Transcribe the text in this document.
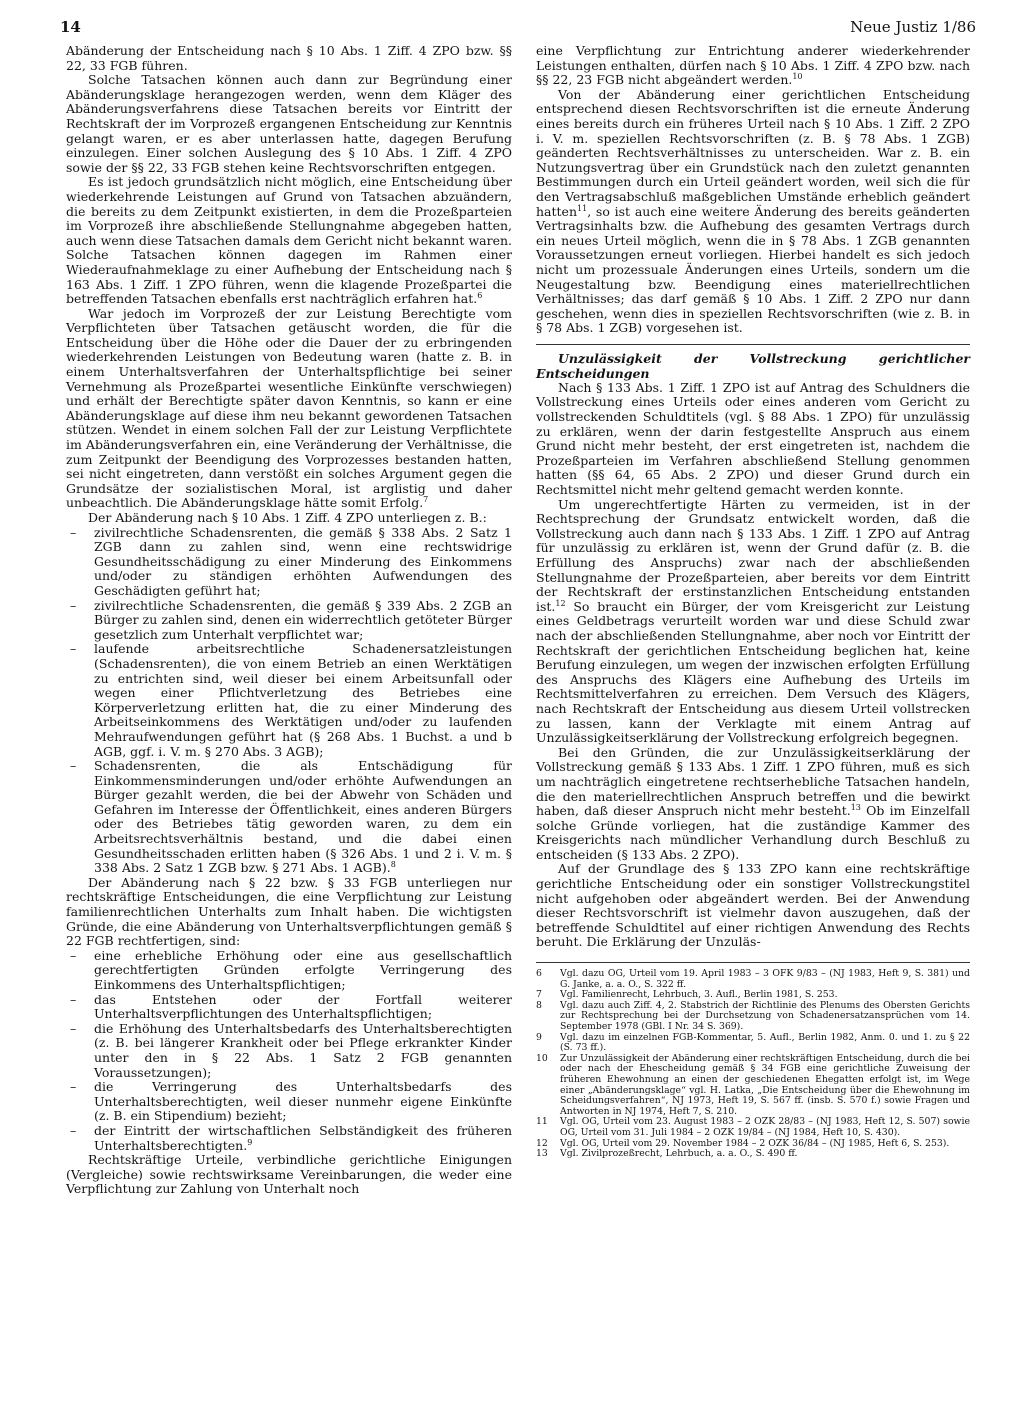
14	Neue Justiz 1/86

Abänderung der Entscheidung nach § 10 Abs. 1 Ziff. 4 ZPO bzw. §§ 22, 33 FGB führen.

Solche Tatsachen können auch dann zur Begründung einer Abänderungsklage herangezogen werden, wenn dem Kläger des Abänderungsverfahrens diese Tatsachen bereits vor Eintritt der Rechtskraft der im Vorprozeß ergangenen Entscheidung zur Kenntnis gelangt waren, er es aber unterlassen hatte, dagegen Berufung einzulegen. Einer solchen Auslegung des § 10 Abs. 1 Ziff. 4 ZPO sowie der §§ 22, 33 FGB stehen keine Rechtsvorschriften entgegen.

Es ist jedoch grundsätzlich nicht möglich, eine Entscheidung über wiederkehrende Leistungen auf Grund von Tatsachen abzuändern, die bereits zu dem Zeitpunkt existierten, in dem die Prozeßparteien im Vorprozeß ihre abschließende Stellungnahme abgegeben hatten, auch wenn diese Tatsachen damals dem Gericht nicht bekannt waren. Solche Tatsachen können dagegen im Rahmen einer Wiederaufnahmeklage zu einer Aufhebung der Entscheidung nach § 163 Abs. 1 Ziff. 1 ZPO führen, wenn die klagende Prozeßpartei die betreffenden Tatsachen ebenfalls erst nachträglich erfahren hat.$^6$

War jedoch im Vorprozeß der zur Leistung Berechtigte vom Verpflichteten über Tatsachen getäuscht worden, die für die Entscheidung über die Höhe oder die Dauer der zu erbringenden wiederkehrenden Leistungen von Bedeutung waren (hatte z. B. in einem Unterhaltsverfahren der Unterhaltspflichtige bei seiner Vernehmung als Prozeßpartei wesentliche Einkünfte verschwiegen) und erhält der Berechtigte später davon Kenntnis, so kann er eine Abänderungsklage auf diese ihm neu bekannt gewordenen Tatsachen stützen. Wendet in einem solchen Fall der zur Leistung Verpflichtete im Abänderungsverfahren ein, eine Veränderung der Verhältnisse, die zum Zeitpunkt der Beendigung des Vorprozesses bestanden hatten, sei nicht eingetreten, dann verstößt ein solches Argument gegen die Grundsätze der sozialistischen Moral, ist arglistig und daher unbeachtlich. Die Abänderungsklage hätte somit Erfolg.$^7$

Der Abänderung nach § 10 Abs. 1 Ziff. 4 ZPO unterliegen z. B.:

– zivilrechtliche Schadensrenten, die gemäß § 338 Abs. 2 Satz 1 ZGB dann zu zahlen sind, wenn eine rechtswidrige Gesundheitsschädigung zu einer Minderung des Einkommens und/oder zu ständigen erhöhten Aufwendungen des Geschädigten geführt hat;
– zivilrechtliche Schadensrenten, die gemäß § 339 Abs. 2 ZGB an Bürger zu zahlen sind, denen ein widerrechtlich getöteter Bürger gesetzlich zum Unterhalt verpflichtet war;
– laufende arbeitsrechtliche Schadenersatzleistungen (Schadensrenten), die von einem Betrieb an einen Werktätigen zu entrichten sind, weil dieser bei einem Arbeitsunfall oder wegen einer Pflichtverletzung des Betriebes eine Körperverletzung erlitten hat, die zu einer Minderung des Arbeitseinkommens des Werktätigen und/oder zu laufenden Mehraufwendungen geführt hat (§ 268 Abs. 1 Buchst. a und b AGB, ggf. i. V. m. § 270 Abs. 3 AGB);
– Schadensrenten, die als Entschädigung für Einkommensminderungen und/oder erhöhte Aufwendungen an Bürger gezahlt werden, die bei der Abwehr von Schäden und Gefahren im Interesse der Öffentlichkeit, eines anderen Bürgers oder des Betriebes tätig geworden waren, zu dem ein Arbeitsrechtsverhältnis bestand, und die dabei einen Gesundheitsschaden erlitten haben (§ 326 Abs. 1 und 2 i. V. m. § 338 Abs. 2 Satz 1 ZGB bzw. § 271 Abs. 1 AGB).$^8$

Der Abänderung nach § 22 bzw. § 33 FGB unterliegen nur rechtskräftige Entscheidungen, die eine Verpflichtung zur Leistung familienrechtlichen Unterhalts zum Inhalt haben. Die wichtigsten Gründe, die eine Abänderung von Unterhaltsverpflichtungen gemäß § 22 FGB rechtfertigen, sind:

– eine erhebliche Erhöhung oder eine aus gesellschaftlich gerechtfertigten Gründen erfolgte Verringerung des Einkommens des Unterhaltspflichtigen;
– das Entstehen oder der Fortfall weiterer Unterhaltsverpflichtungen des Unterhaltspflichtigen;
– die Erhöhung des Unterhaltsbedarfs des Unterhaltsberechtigten (z. B. bei längerer Krankheit oder bei Pflege erkrankter Kinder unter den in § 22 Abs. 1 Satz 2 FGB genannten Voraussetzungen);
– die Verringerung des Unterhaltsbedarfs des Unterhaltsberechtigten, weil dieser nunmehr eigene Einkünfte (z. B. ein Stipendium) bezieht;
– der Eintritt der wirtschaftlichen Selbständigkeit des früheren Unterhaltsberechtigten.$^9$

Rechtskräftige Urteile, verbindliche gerichtliche Einigungen (Vergleiche) sowie rechtswirksame Vereinbarungen, die weder eine Verpflichtung zur Zahlung von Unterhalt noch

eine Verpflichtung zur Entrichtung anderer wiederkehrender Leistungen enthalten, dürfen nach § 10 Abs. 1 Ziff. 4 ZPO bzw. nach §§ 22, 23 FGB nicht abgeändert werden.$^{10}$

Von der Abänderung einer gerichtlichen Entscheidung entsprechend diesen Rechtsvorschriften ist die erneute Änderung eines bereits durch ein früheres Urteil nach § 10 Abs. 1 Ziff. 2 ZPO i. V. m. speziellen Rechtsvorschriften (z. B. § 78 Abs. 1 ZGB) geänderten Rechtsverhältnisses zu unterscheiden. War z. B. ein Nutzungsvertrag über ein Grundstück nach den zuletzt genannten Bestimmungen durch ein Urteil geändert worden, weil sich die für den Vertragsabschluß maßgeblichen Umstände erheblich geändert hatten$^{11}$, so ist auch eine weitere Änderung des bereits geänderten Vertragsinhalts bzw. die Aufhebung des gesamten Vertrags durch ein neues Urteil möglich, wenn die in § 78 Abs. 1 ZGB genannten Voraussetzungen erneut vorliegen. Hierbei handelt es sich jedoch nicht um prozessuale Änderungen eines Urteils, sondern um die Neugestaltung bzw. Beendigung eines materiellrechtlichen Verhältnisses; das darf gemäß § 10 Abs. 1 Ziff. 2 ZPO nur dann geschehen, wenn dies in speziellen Rechtsvorschriften (wie z. B. in § 78 Abs. 1 ZGB) vorgesehen ist.

Unzulässigkeit der Vollstreckung gerichtlicher Entscheidungen

Nach § 133 Abs. 1 Ziff. 1 ZPO ist auf Antrag des Schuldners die Vollstreckung eines Urteils oder eines anderen vom Gericht zu vollstreckenden Schuldtitels (vgl. § 88 Abs. 1 ZPO) für unzulässig zu erklären, wenn der darin festgestellte Anspruch aus einem Grund nicht mehr besteht, der erst eingetreten ist, nachdem die Prozeßparteien im Verfahren abschließend Stellung genommen hatten (§§ 64, 65 Abs. 2 ZPO) und dieser Grund durch ein Rechtsmittel nicht mehr geltend gemacht werden konnte.

Um ungerechtfertigte Härten zu vermeiden, ist in der Rechtsprechung der Grundsatz entwickelt worden, daß die Vollstreckung auch dann nach § 133 Abs. 1 Ziff. 1 ZPO auf Antrag für unzulässig zu erklären ist, wenn der Grund dafür (z. B. die Erfüllung des Anspruchs) zwar nach der abschließenden Stellungnahme der Prozeßparteien, aber bereits vor dem Eintritt der Rechtskraft der erstinstanzlichen Entscheidung entstanden ist.$^{12}$ So braucht ein Bürger, der vom Kreisgericht zur Leistung eines Geldbetrags verurteilt worden war und diese Schuld zwar nach der abschließenden Stellungnahme, aber noch vor Eintritt der Rechtskraft der gerichtlichen Entscheidung beglichen hat, keine Berufung einzulegen, um wegen der inzwischen erfolgten Erfüllung des Anspruchs des Klägers eine Aufhebung des Urteils im Rechtsmittelverfahren zu erreichen. Dem Versuch des Klägers, nach Rechtskraft der Entscheidung aus diesem Urteil vollstrecken zu lassen, kann der Verklagte mit einem Antrag auf Unzulässigkeitserklärung der Vollstreckung erfolgreich begegnen.

Bei den Gründen, die zur Unzulässigkeitserklärung der Vollstreckung gemäß § 133 Abs. 1 Ziff. 1 ZPO führen, muß es sich um nachträglich eingetretene rechtserhebliche Tatsachen handeln, die den materiellrechtlichen Anspruch betreffen und die bewirkt haben, daß dieser Anspruch nicht mehr besteht.$^{13}$ Ob im Einzelfall solche Gründe vorliegen, hat die zuständige Kammer des Kreisgerichts nach mündlicher Verhandlung durch Beschluß zu entscheiden (§ 133 Abs. 2 ZPO).

Auf der Grundlage des § 133 ZPO kann eine rechtskräftige gerichtliche Entscheidung oder ein sonstiger Vollstreckungstitel nicht aufgehoben oder abgeändert werden. Bei der Anwendung dieser Rechtsvorschrift ist vielmehr davon auszugehen, daß der betreffende Schuldtitel auf einer richtigen Anwendung des Rechts beruht. Die Erklärung der Unzuläs-

6	Vgl. dazu OG, Urteil vom 19. April 1983 – 3 OFK 9/83 – (NJ 1983, Heft 9, S. 381) und G. Janke, a. a. O., S. 322 ff.
7	Vgl. Familienrecht, Lehrbuch, 3. Aufl., Berlin 1981, S. 253.
8	Vgl. dazu auch Ziff. 4, 2. Stabstrich der Richtlinie des Plenums des Obersten Gerichts zur Rechtsprechung bei der Durchsetzung von Schadenersatzansprüchen vom 14. September 1978 (GBl. I Nr. 34 S. 369).
9	Vgl. dazu im einzelnen FGB-Kommentar, 5. Aufl., Berlin 1982, Anm. 0. und 1. zu § 22 (S. 73 ff.).
10	Zur Unzulässigkeit der Abänderung einer rechtskräftigen Entscheidung, durch die bei oder nach der Ehescheidung gemäß § 34 FGB eine gerichtliche Zuweisung der früheren Ehewohnung an einen der geschiedenen Ehegatten erfolgt ist, im Wege einer „Abänderungsklage“ vgl. H. Latka, „Die Entscheidung über die Ehewohnung im Scheidungsverfahren“, NJ 1973, Heft 19, S. 567 ff. (insb. S. 570 f.) sowie Fragen und Antworten in NJ 1974, Heft 7, S. 210.
11	Vgl. OG, Urteil vom 23. August 1983 – 2 OZK 28/83 – (NJ 1983, Heft 12, S. 507) sowie OG, Urteil vom 31. Juli 1984 – 2 OZK 19/84 – (NJ 1984, Heft 10, S. 430).
12	Vgl. OG, Urteil vom 29. November 1984 – 2 OZK 36/84 – (NJ 1985, Heft 6, S. 253).
13	Vgl. Zivilprozeßrecht, Lehrbuch, a. a. O., S. 490 ff.
